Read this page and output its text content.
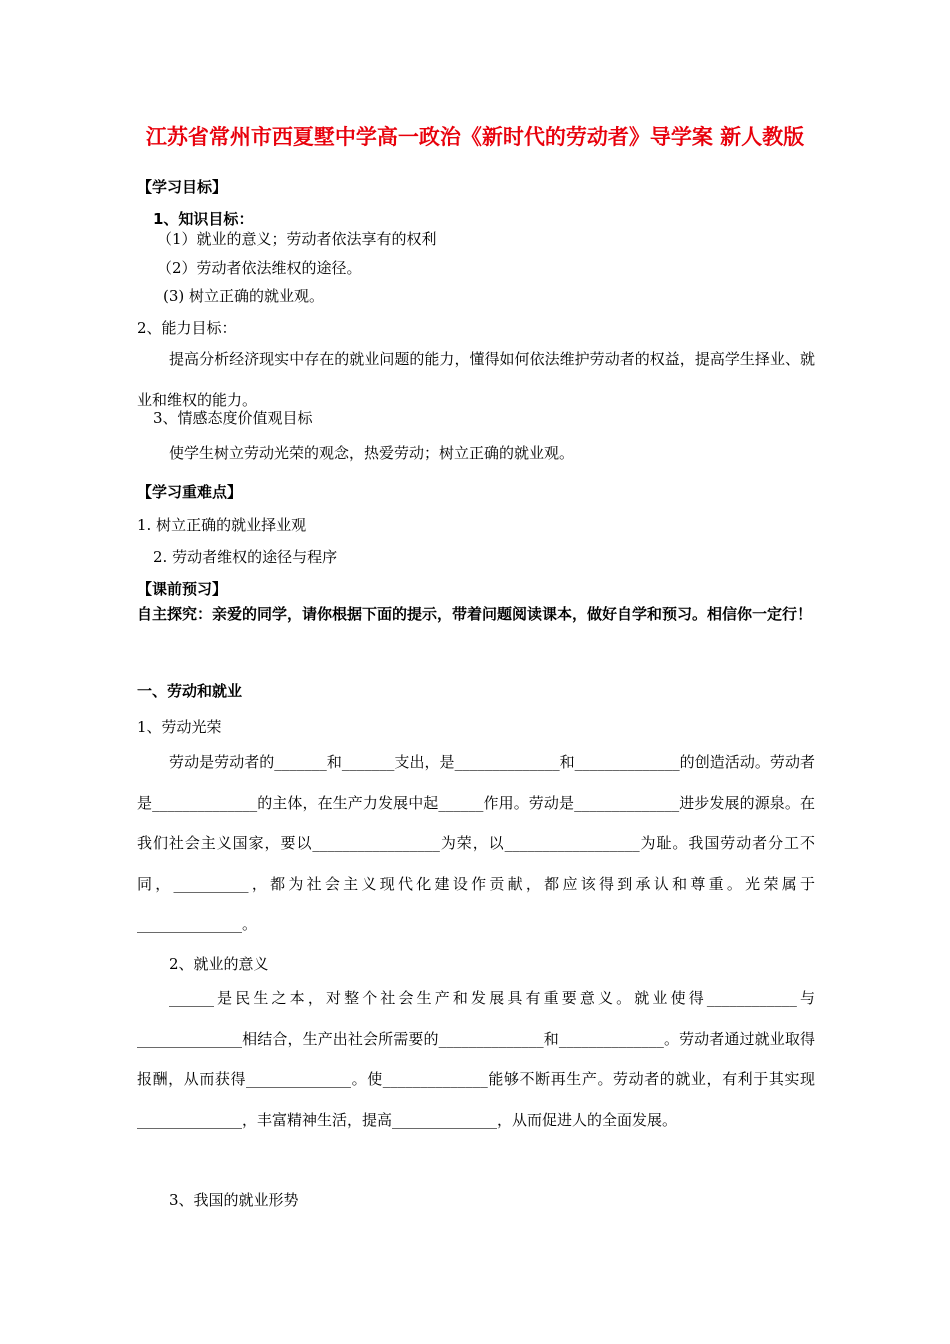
江苏省常州市西夏墅中学高一政治《新时代的劳动者》导学案 新人教版
【学习目标】
1、知识目标：
（1）就业的意义；劳动者依法享有的权利
（2）劳动者依法维权的途径。
(3) 树立正确的就业观。
2、能力目标：
提高分析经济现实中存在的就业问题的能力，懂得如何依法维护劳动者的权益，提高学生择业、就业和维权的能力。
3、情感态度价值观目标
使学生树立劳动光荣的观念，热爱劳动；树立正确的就业观。
【学习重难点】
1. 树立正确的就业择业观
2. 劳动者维权的途径与程序
【课前预习】
自主探究：亲爱的同学，请你根据下面的提示，带着问题阅读课本，做好自学和预习。相信你一定行！
一、劳动和就业
1、劳动光荣
劳动是劳动者的_______和_______支出，是______________和______________的创造活动。劳动者是______________的主体，在生产力发展中起______作用。劳动是______________进步发展的源泉。在我们社会主义国家，要以_________________为荣，以__________________为耻。我国劳动者分工不同，__________，都为社会主义现代化建设作贡献，都应该得到承认和尊重。光荣属于______________。
2、就业的意义
______是民生之本，对整个社会生产和发展具有重要意义。就业使得____________与______________相结合，生产出社会所需要的______________和______________。劳动者通过就业取得报酬，从而获得______________。使______________能够不断再生产。劳动者的就业，有利于其实现______________，丰富精神生活，提高______________，从而促进人的全面发展。
3、我国的就业形势
